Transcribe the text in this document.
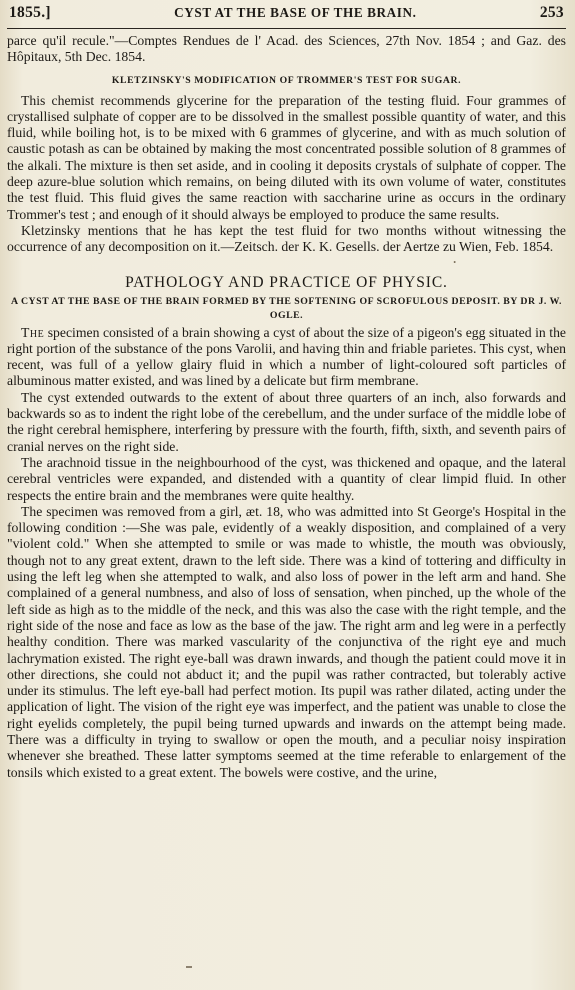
1855.]	CYST AT THE BASE OF THE BRAIN.	253

parce qu'il recule."—Comptes Rendues de l' Acad. des Sciences, 27th Nov. 1854 ; and Gaz. des Hôpitaux, 5th Dec. 1854.

KLETZINSKY'S MODIFICATION OF TROMMER'S TEST FOR SUGAR.

This chemist recommends glycerine for the preparation of the testing fluid. Four grammes of crystallised sulphate of copper are to be dissolved in the smallest possible quantity of water, and this fluid, while boiling hot, is to be mixed with 6 grammes of glycerine, and with as much solution of caustic potash as can be obtained by making the most concentrated possible solution of 8 grammes of the alkali. The mixture is then set aside, and in cooling it deposits crystals of sulphate of copper. The deep azure-blue solution which remains, on being diluted with its own volume of water, constitutes the test fluid. This fluid gives the same reaction with saccharine urine as occurs in the ordinary Trommer's test ; and enough of it should always be employed to produce the same results.

Kletzinsky mentions that he has kept the test fluid for two months without witnessing the occurrence of any decomposition on it.—Zeitsch. der K. K. Gesells. der Aertze zu Wien, Feb. 1854.

•
PATHOLOGY AND PRACTICE OF PHYSIC.
A CYST AT THE BASE OF THE BRAIN FORMED BY THE SOFTENING OF SCROFULOUS DEPOSIT. BY DR J. W. OGLE.

The specimen consisted of a brain showing a cyst of about the size of a pigeon's egg situated in the right portion of the substance of the pons Varolii, and having thin and friable parietes. This cyst, when recent, was full of a yellow glairy fluid in which a number of light-coloured soft particles of albuminous matter existed, and was lined by a delicate but firm membrane.

The cyst extended outwards to the extent of about three quarters of an inch, also forwards and backwards so as to indent the right lobe of the cerebellum, and the under surface of the middle lobe of the right cerebral hemisphere, interfering by pressure with the fourth, fifth, sixth, and seventh pairs of cranial nerves on the right side.

The arachnoid tissue in the neighbourhood of the cyst, was thickened and opaque, and the lateral cerebral ventricles were expanded, and distended with a quantity of clear limpid fluid. In other respects the entire brain and the membranes were quite healthy.

The specimen was removed from a girl, æt. 18, who was admitted into St George's Hospital in the following condition :—She was pale, evidently of a weakly disposition, and complained of a very "violent cold." When she attempted to smile or was made to whistle, the mouth was obviously, though not to any great extent, drawn to the left side. There was a kind of tottering and difficulty in using the left leg when she attempted to walk, and also loss of power in the left arm and hand. She complained of a general numbness, and also of loss of sensation, when pinched, up the whole of the left side as high as to the middle of the neck, and this was also the case with the right temple, and the right side of the nose and face as low as the base of the jaw. The right arm and leg were in a perfectly healthy condition. There was marked vascularity of the conjunctiva of the right eye and much lachrymation existed. The right eye-ball was drawn inwards, and though the patient could move it in other directions, she could not abduct it; and the pupil was rather contracted, but tolerably active under its stimulus. The left eye-ball had perfect motion. Its pupil was rather dilated, acting under the application of light. The vision of the right eye was imperfect, and the patient was unable to close the right eyelids completely, the pupil being turned upwards and inwards on the attempt being made. There was a difficulty in trying to swallow or open the mouth, and a peculiar noisy inspiration whenever she breathed. These latter symptoms seemed at the time referable to enlargement of the tonsils which existed to a great extent. The bowels were costive, and the urine,
